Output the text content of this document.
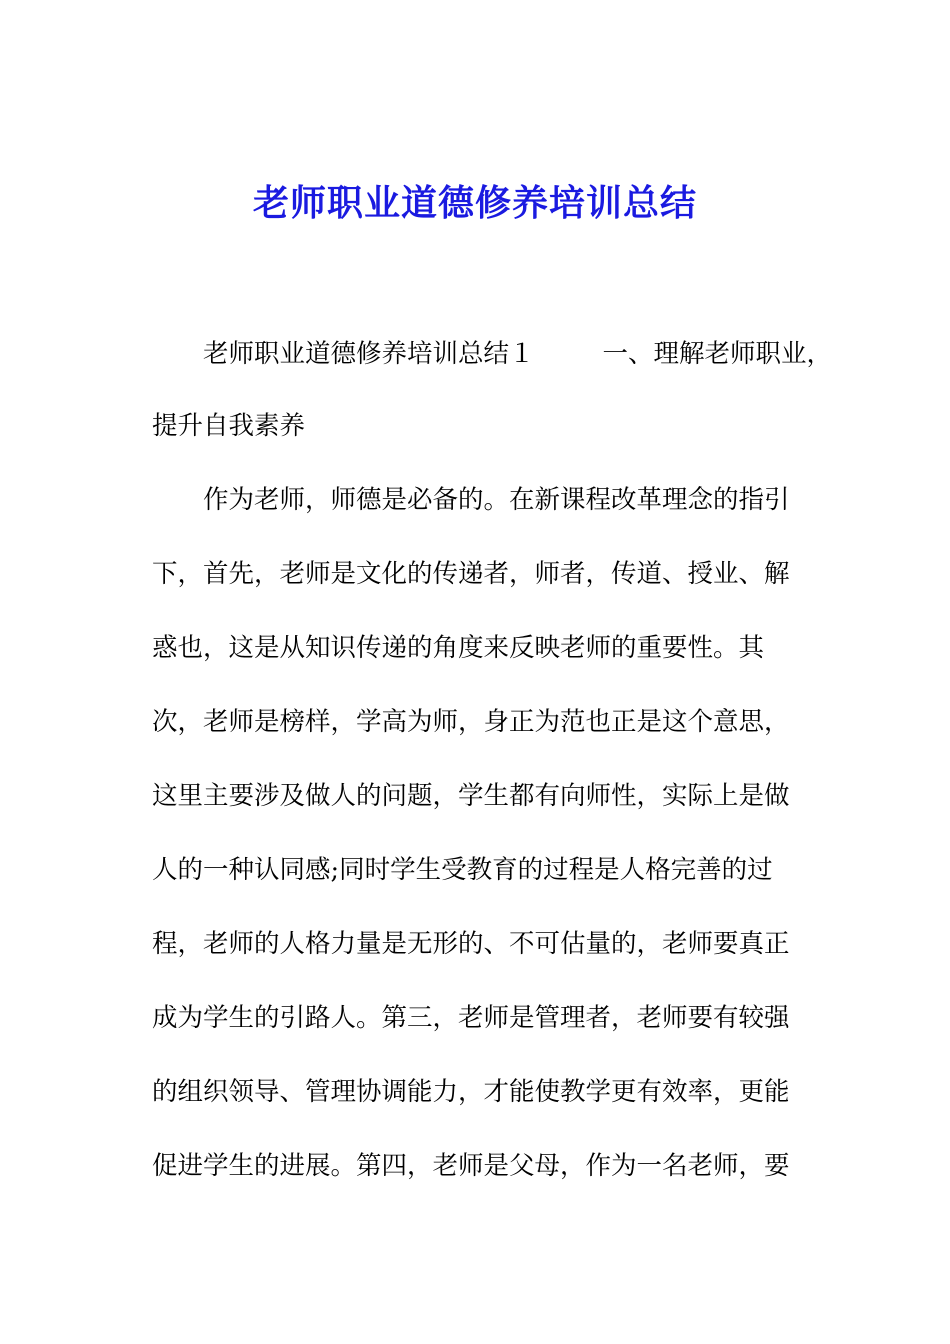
老师职业道德修养培训总结
老师职业道德修养培训总结１	一、理解老师职业，
提升自我素养
作为老师，师德是必备的。在新课程改革理念的指引
下，首先，老师是文化的传递者，师者，传道、授业、解
惑也，这是从知识传递的角度来反映老师的重要性。其
次，老师是榜样，学高为师，身正为范也正是这个意思，
这里主要涉及做人的问题，学生都有向师性，实际上是做
人的一种认同感;同时学生受教育的过程是人格完善的过
程，老师的人格力量是无形的、不可估量的，老师要真正
成为学生的引路人。第三，老师是管理者，老师要有较强
的组织领导、管理协调能力，才能使教学更有效率，更能
促进学生的进展。第四，老师是父母，作为一名老师，要
